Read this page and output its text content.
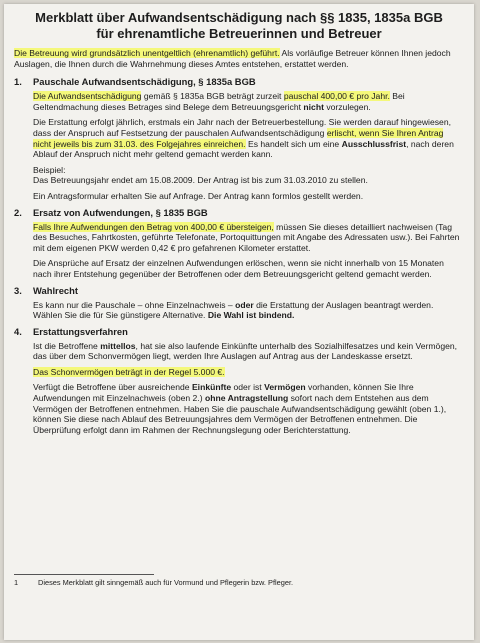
Merkblatt über Aufwandsentschädigung nach §§ 1835, 1835a BGB
für ehrenamtliche Betreuerinnen und Betreuer

Die Betreuung wird grundsätzlich unentgeltlich (ehrenamtlich) geführt. Als vorläufige Betreuer können Ihnen jedoch Auslagen, die Ihnen durch die Wahrnehmung dieses Amtes entstehen, erstattet werden.

1.	Pauschale Aufwandsentschädigung, § 1835a BGB

Die Aufwandsentschädigung gemäß § 1835a BGB beträgt zurzeit pauschal 400,00 € pro Jahr. Bei Geltendmachung dieses Betrages sind Belege dem Betreuungsgericht nicht vorzulegen.

Die Erstattung erfolgt jährlich, erstmals ein Jahr nach der Betreuerbestellung. Sie werden darauf hingewiesen, dass der Anspruch auf Festsetzung der pauschalen Aufwandsentschädigung erlischt, wenn Sie Ihren Antrag nicht jeweils bis zum 31.03. des Folgejahres einreichen. Es handelt sich um eine Ausschlussfrist, nach deren Ablauf der Anspruch nicht mehr geltend gemacht werden kann.

Beispiel:

Das Betreuungsjahr endet am 15.08.2009. Der Antrag ist bis zum 31.03.2010 zu stellen.

Ein Antragsformular erhalten Sie auf Anfrage. Der Antrag kann formlos gestellt werden.

2.	Ersatz von Aufwendungen, § 1835 BGB

Falls Ihre Aufwendungen den Betrag von 400,00 € übersteigen, müssen Sie dieses detailliert nachweisen (Tag des Besuches, Fahrtkosten, geführte Telefonate, Portoquittungen mit Angabe des Adressaten usw.). Bei Fahrten mit dem eigenen PKW werden 0,42 € pro gefahrenen Kilometer erstattet.

Die Ansprüche auf Ersatz der einzelnen Aufwendungen erlöschen, wenn sie nicht innerhalb von 15 Monaten nach ihrer Entstehung gegenüber der Betroffenen oder dem Betreuungsgericht geltend gemacht werden.

3.	Wahlrecht

Es kann nur die Pauschale – ohne Einzelnachweis – oder die Erstattung der Auslagen beantragt werden. Wählen Sie die für Sie günstigere Alternative. Die Wahl ist bindend.

4.	Erstattungsverfahren

Ist die Betroffene mittellos, hat sie also laufende Einkünfte unterhalb des Sozialhilfesatzes und kein Vermögen, das über dem Schonvermögen liegt, werden Ihre Auslagen auf Antrag aus der Landeskasse ersetzt.

Das Schonvermögen beträgt in der Regel 5.000 €.

Verfügt die Betroffene über ausreichende Einkünfte oder ist Vermögen vorhanden, können Sie Ihre Aufwendungen mit Einzelnachweis (oben 2.) ohne Antragstellung sofort nach dem Entstehen aus dem Vermögen der Betroffenen entnehmen. Haben Sie die pauschale Aufwandsentschädigung gewählt (oben 1.), können Sie diese nach Ablauf des Betreuungsjahres dem Vermögen der Betroffenen entnehmen. Die Überprüfung erfolgt dann im Rahmen der Rechnungslegung oder Berichterstattung.

1	Dieses Merkblatt gilt sinngemäß auch für Vormund und Pflegerin bzw. Pfleger.
